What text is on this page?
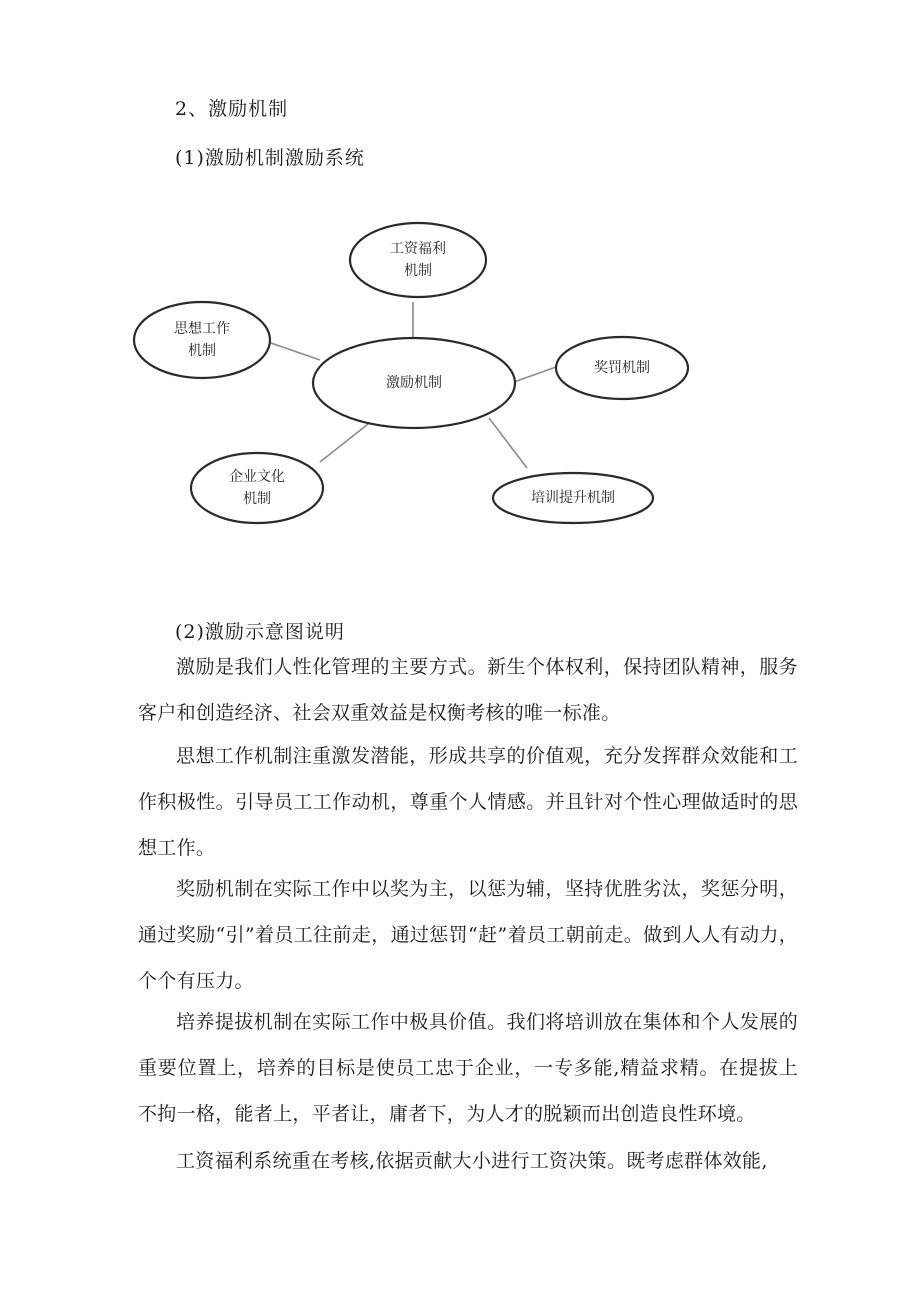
2、激励机制
(1)激励机制激励系统
工资福利
机制
思想工作
机制
激励机制
奖罚机制
企业文化
机制	培训提升机制
(2)激励示意图说明
激励是我们人性化管理的主要方式。新生个体权利，保持团队精神，服务客户和创造经济、社会双重效益是权衡考核的唯一标准。
思想工作机制注重激发潜能，形成共享的价值观，充分发挥群众效能和工作积极性。引导员工工作动机，尊重个人情感。并且针对个性心理做适时的思想工作。
奖励机制在实际工作中以奖为主，以惩为辅，坚持优胜劣汰，奖惩分明，通过奖励“引”着员工往前走，通过惩罚“赶”着员工朝前走。做到人人有动力，个个有压力。
培养提拔机制在实际工作中极具价值。我们将培训放在集体和个人发展的重要位置上，培养的目标是使员工忠于企业，一专多能,精益求精。在提拔上不拘一格，能者上，平者让，庸者下，为人才的脱颖而出创造良性环境。
工资福利系统重在考核,依据贡献大小进行工资决策。既考虑群体效能,
